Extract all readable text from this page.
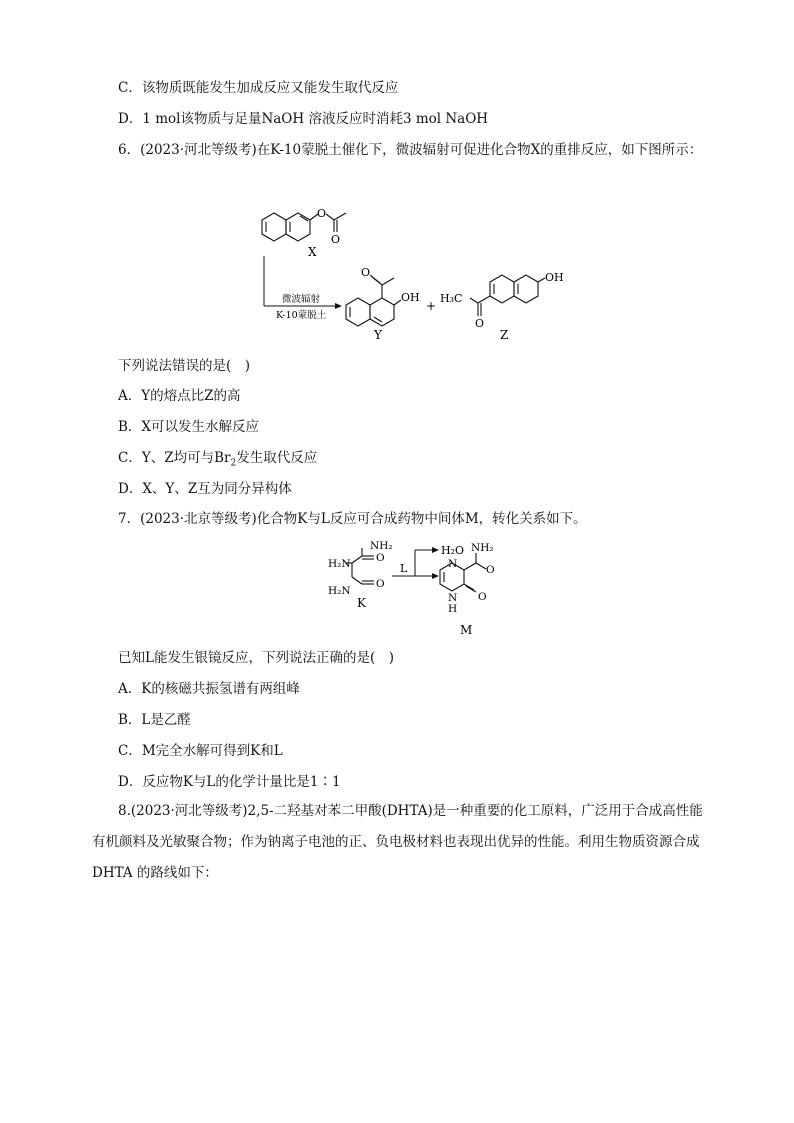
C．该物质既能发生加成反应又能发生取代反应
D．1 mol该物质与足量NaOH 溶液反应时消耗3 mol NaOH
6．(2023·河北等级考)在K-10蒙脱土催化下，微波辐射可促进化合物X的重排反应，如下图所示：
O
O
X
微波辐射
K-10蒙脱土
O
OH
Y
+
OH
H₃C
O
Z
下列说法错误的是(　)
A．Y的熔点比Z的高
B．X可以发生水解反应
C．Y、Z均可与$Br_2$发生取代反应
D．X、Y、Z互为同分异构体
7．(2023·北京等级考)化合物K与L反应可合成药物中间体M，转化关系如下。
NH₂
H₂N
H₂N
O
O
K
L
H₂O
N
N
H
NH₂
O
O
M
已知L能发生银镜反应，下列说法正确的是(　)
A．K的核磁共振氢谱有两组峰
B．L是乙醛
C．M完全水解可得到K和L
D．反应物K与L的化学计量比是1∶1
8.(2023·河北等级考)2,5-二羟基对苯二甲酸(DHTA)是一种重要的化工原料，广泛用于合成高性能有机颜料及光敏聚合物；作为钠离子电池的正、负电极材料也表现出优异的性能。利用生物质资源合成DHTA 的路线如下：
